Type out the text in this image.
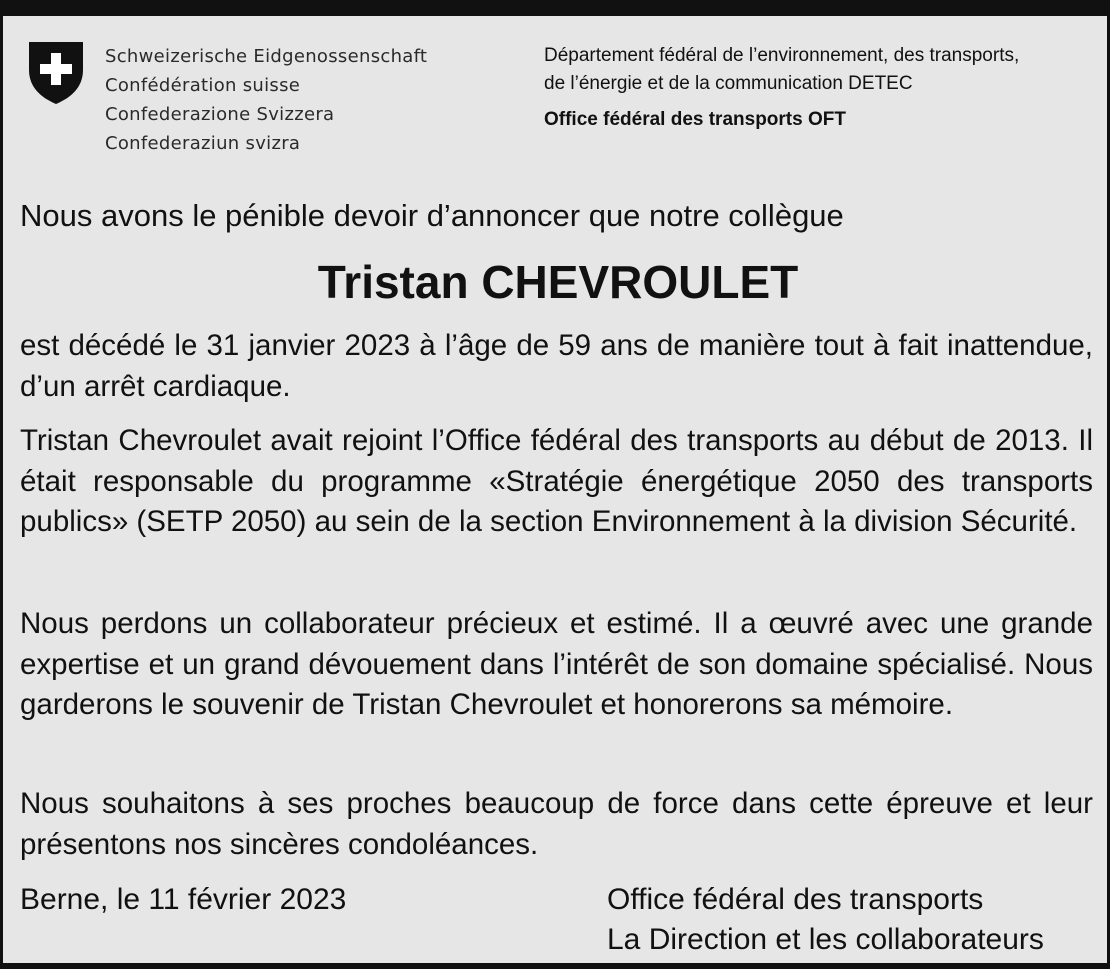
Schweizerische Eidgenossenschaft
Confédération suisse
Confederazione Svizzera
Confederaziun svizra
Département fédéral de l’environnement, des transports,
de l’énergie et de la communication DETEC
Office fédéral des transports OFT
Nous avons le pénible devoir d’annoncer que notre collègue
Tristan CHEVROULET
est décédé le 31 janvier 2023 à l’âge de 59 ans de manière tout à fait inattendue, d’un arrêt cardiaque.
Tristan Chevroulet avait rejoint l’Office fédéral des transports au début de 2013. Il était responsable du programme «Stratégie énergétique 2050 des transports publics» (SETP 2050) au sein de la section Environnement à la division Sécurité.
Nous perdons un collaborateur précieux et estimé. Il a œuvré avec une grande expertise et un grand dévouement dans l’intérêt de son domaine spécialisé. Nous garderons le souvenir de Tristan Chevroulet et honorerons sa mémoire.
Nous souhaitons à ses proches beaucoup de force dans cette épreuve et leur présentons nos sincères condoléances.
Berne, le 11 février 2023	Office fédéral des transports
La Direction et les collaborateurs
